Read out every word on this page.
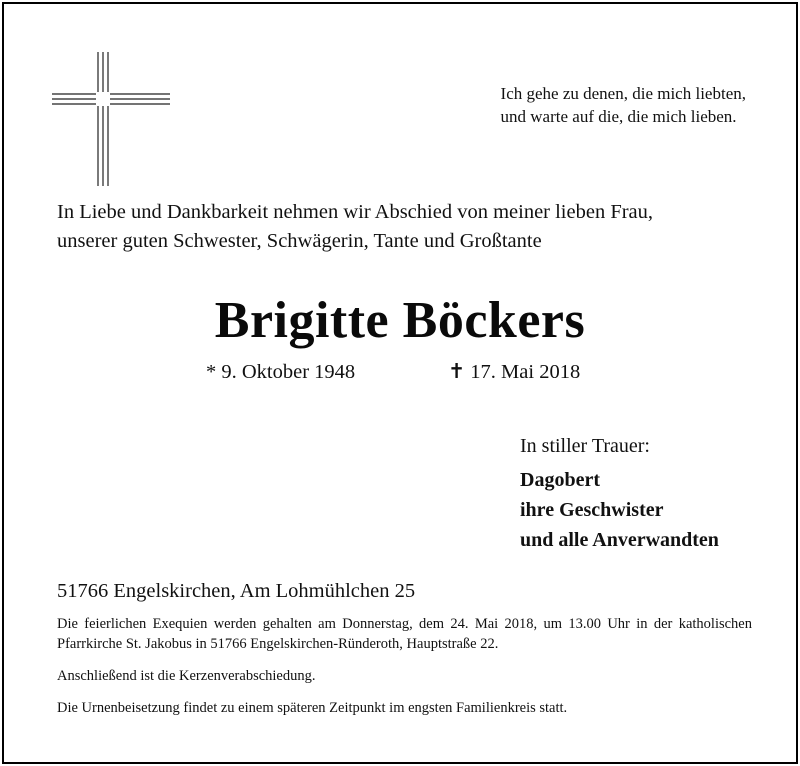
Ich gehe zu denen, die mich liebten,
und warte auf die, die mich lieben.
In Liebe und Dankbarkeit nehmen wir Abschied von meiner lieben Frau,
unserer guten Schwester, Schwägerin, Tante und Großtante
Brigitte Böckers
* 9. Oktober 1948	✝ 17. Mai 2018
In stiller Trauer:
Dagobert
ihre Geschwister
und alle Anverwandten
51766 Engelskirchen, Am Lohmühlchen 25

Die feierlichen Exequien werden gehalten am Donnerstag, dem 24. Mai 2018, um 13.00 Uhr in der katholischen Pfarrkirche St. Jakobus in 51766 Engelskirchen-Ründeroth, Hauptstraße 22.

Anschließend ist die Kerzenverabschiedung.

Die Urnenbeisetzung findet zu einem späteren Zeitpunkt im engsten Familienkreis statt.
